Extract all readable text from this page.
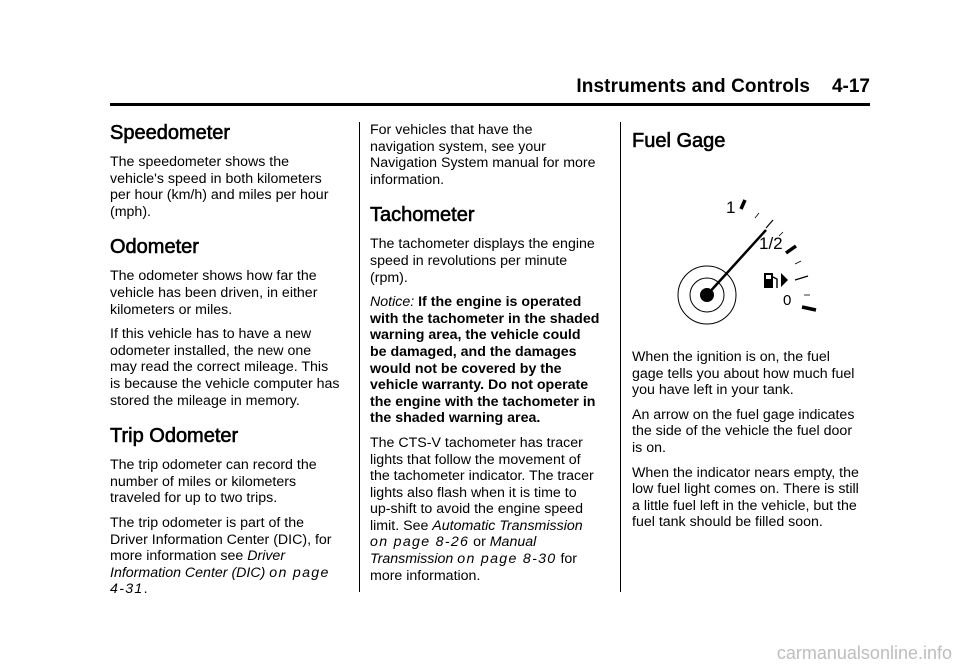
Instruments and Controls 4-17
Speedometer

The speedometer shows the vehicle's speed in both kilometers per hour (km/h) and miles per hour (mph).

Odometer

The odometer shows how far the vehicle has been driven, in either kilometers or miles.

If this vehicle has to have a new odometer installed, the new one may read the correct mileage. This is because the vehicle computer has stored the mileage in memory.

Trip Odometer

The trip odometer can record the number of miles or kilometers traveled for up to two trips.

The trip odometer is part of the Driver Information Center (DIC), for more information see Driver Information Center (DIC) on page 4-31.

For vehicles that have the navigation system, see your Navigation System manual for more information.

Tachometer

The tachometer displays the engine speed in revolutions per minute (rpm).

Notice: If the engine is operated with the tachometer in the shaded warning area, the vehicle could be damaged, and the damages would not be covered by the vehicle warranty. Do not operate the engine with the tachometer in the shaded warning area.

The CTS-V tachometer has tracer lights that follow the movement of the tachometer indicator. The tracer lights also flash when it is time to up-shift to avoid the engine speed limit. See Automatic Transmission on page 8-26 or Manual Transmission on page 8-30 for more information.

Fuel Gage
1
1/2
0

When the ignition is on, the fuel gage tells you about how much fuel you have left in your tank.

An arrow on the fuel gage indicates the side of the vehicle the fuel door is on.

When the indicator nears empty, the low fuel light comes on. There is still a little fuel left in the vehicle, but the fuel tank should be filled soon.

carmanualsonline.info
